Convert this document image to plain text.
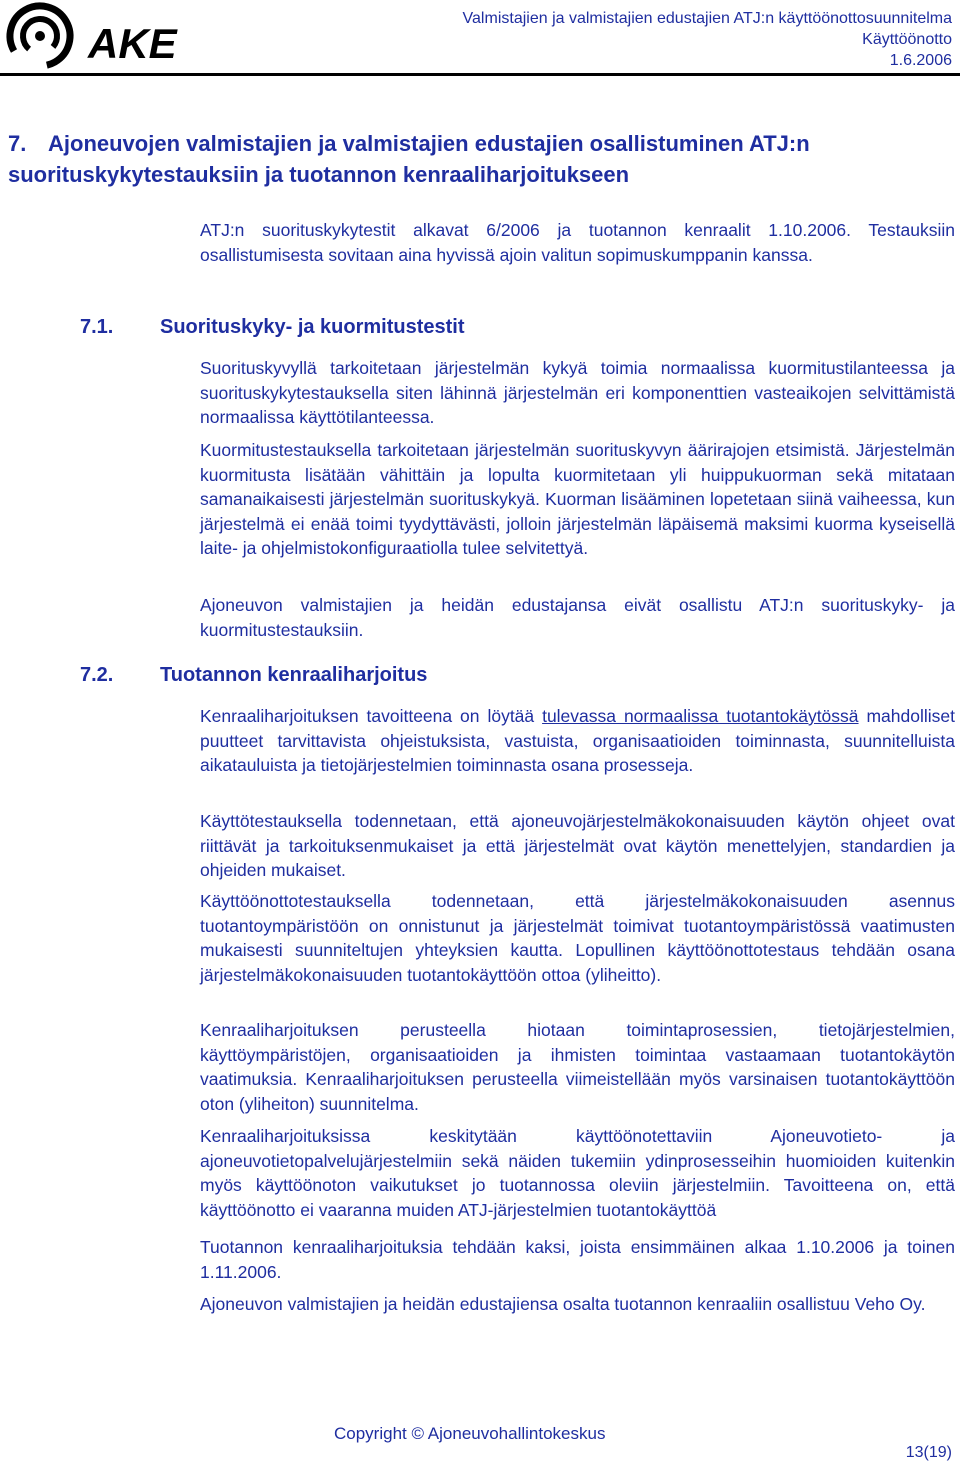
AKE
Valmistajien ja valmistajien edustajien ATJ:n käyttöönottosuunnitelma
Käyttöönotto
1.6.2006
7. Ajoneuvojen valmistajien ja valmistajien edustajien osallistuminen ATJ:n
suorituskykytestauksiin ja tuotannon kenraaliharjoitukseen

ATJ:n suorituskykytestit alkavat 6/2006 ja tuotannon kenraalit 1.10.2006. Testauksiin osallistumisesta sovitaan aina hyvissä ajoin valitun sopimuskumppanin kanssa.

7.1. Suorituskyky- ja kuormitustestit

Suorituskyvyllä tarkoitetaan järjestelmän kykyä toimia normaalissa kuormitustilanteessa ja suorituskykytestauksella siten lähinnä järjestelmän eri komponenttien vasteaikojen selvittämistä normaalissa käyttötilanteessa.

Kuormitustestauksella tarkoitetaan järjestelmän suorituskyvyn äärirajojen etsimistä. Järjestelmän kuormitusta lisätään vähittäin ja lopulta kuormitetaan yli huippukuorman sekä mitataan samanaikaisesti järjestelmän suorituskykyä. Kuorman lisääminen lopetetaan siinä vaiheessa, kun järjestelmä ei enää toimi tyydyttävästi, jolloin järjestelmän läpäisemä maksimi kuorma kyseisellä laite- ja ohjelmistokonfiguraatiolla tulee selvitettyä.

Ajoneuvon valmistajien ja heidän edustajansa eivät osallistu ATJ:n suorituskyky- ja kuormitustestauksiin.

7.2. Tuotannon kenraaliharjoitus

Kenraaliharjoituksen tavoitteena on löytää tulevassa normaalissa tuotantokäytössä mahdolliset puutteet tarvittavista ohjeistuksista, vastuista, organisaatioiden toiminnasta, suunnitelluista aikatauluista ja tietojärjestelmien toiminnasta osana prosesseja.

Käyttötestauksella todennetaan, että ajoneuvojärjestelmäkokonaisuuden käytön ohjeet ovat riittävät ja tarkoituksenmukaiset ja että järjestelmät ovat käytön menettelyjen, standardien ja ohjeiden mukaiset.

Käyttöönottotestauksella todennetaan, että järjestelmäkokonaisuuden asennus tuotantoympäristöön on onnistunut ja järjestelmät toimivat tuotantoympäristössä vaatimusten mukaisesti suunniteltujen yhteyksien kautta. Lopullinen käyttöönottotestaus tehdään osana järjestelmäkokonaisuuden tuotantokäyttöön ottoa (yliheitto).

Kenraaliharjoituksen perusteella hiotaan toimintaprosessien, tietojärjestelmien, käyttöympäristöjen, organisaatioiden ja ihmisten toimintaa vastaamaan tuotantokäytön vaatimuksia. Kenraaliharjoituksen perusteella viimeistellään myös varsinaisen tuotantokäyttöön oton (yliheiton) suunnitelma.

Kenraaliharjoituksissa keskitytään käyttöönotettaviin Ajoneuvotieto- ja ajoneuvotietopalvelujärjestelmiin sekä näiden tukemiin ydinprosesseihin huomioiden kuitenkin myös käyttöönoton vaikutukset jo tuotannossa oleviin järjestelmiin. Tavoitteena on, että käyttöönotto ei vaaranna muiden ATJ-järjestelmien tuotantokäyttöä

Tuotannon kenraaliharjoituksia tehdään kaksi, joista ensimmäinen alkaa 1.10.2006 ja toinen 1.11.2006.

Ajoneuvon valmistajien ja heidän edustajiensa osalta tuotannon kenraaliin osallistuu Veho Oy.

Copyright © Ajoneuvohallintokeskus
13(19)
